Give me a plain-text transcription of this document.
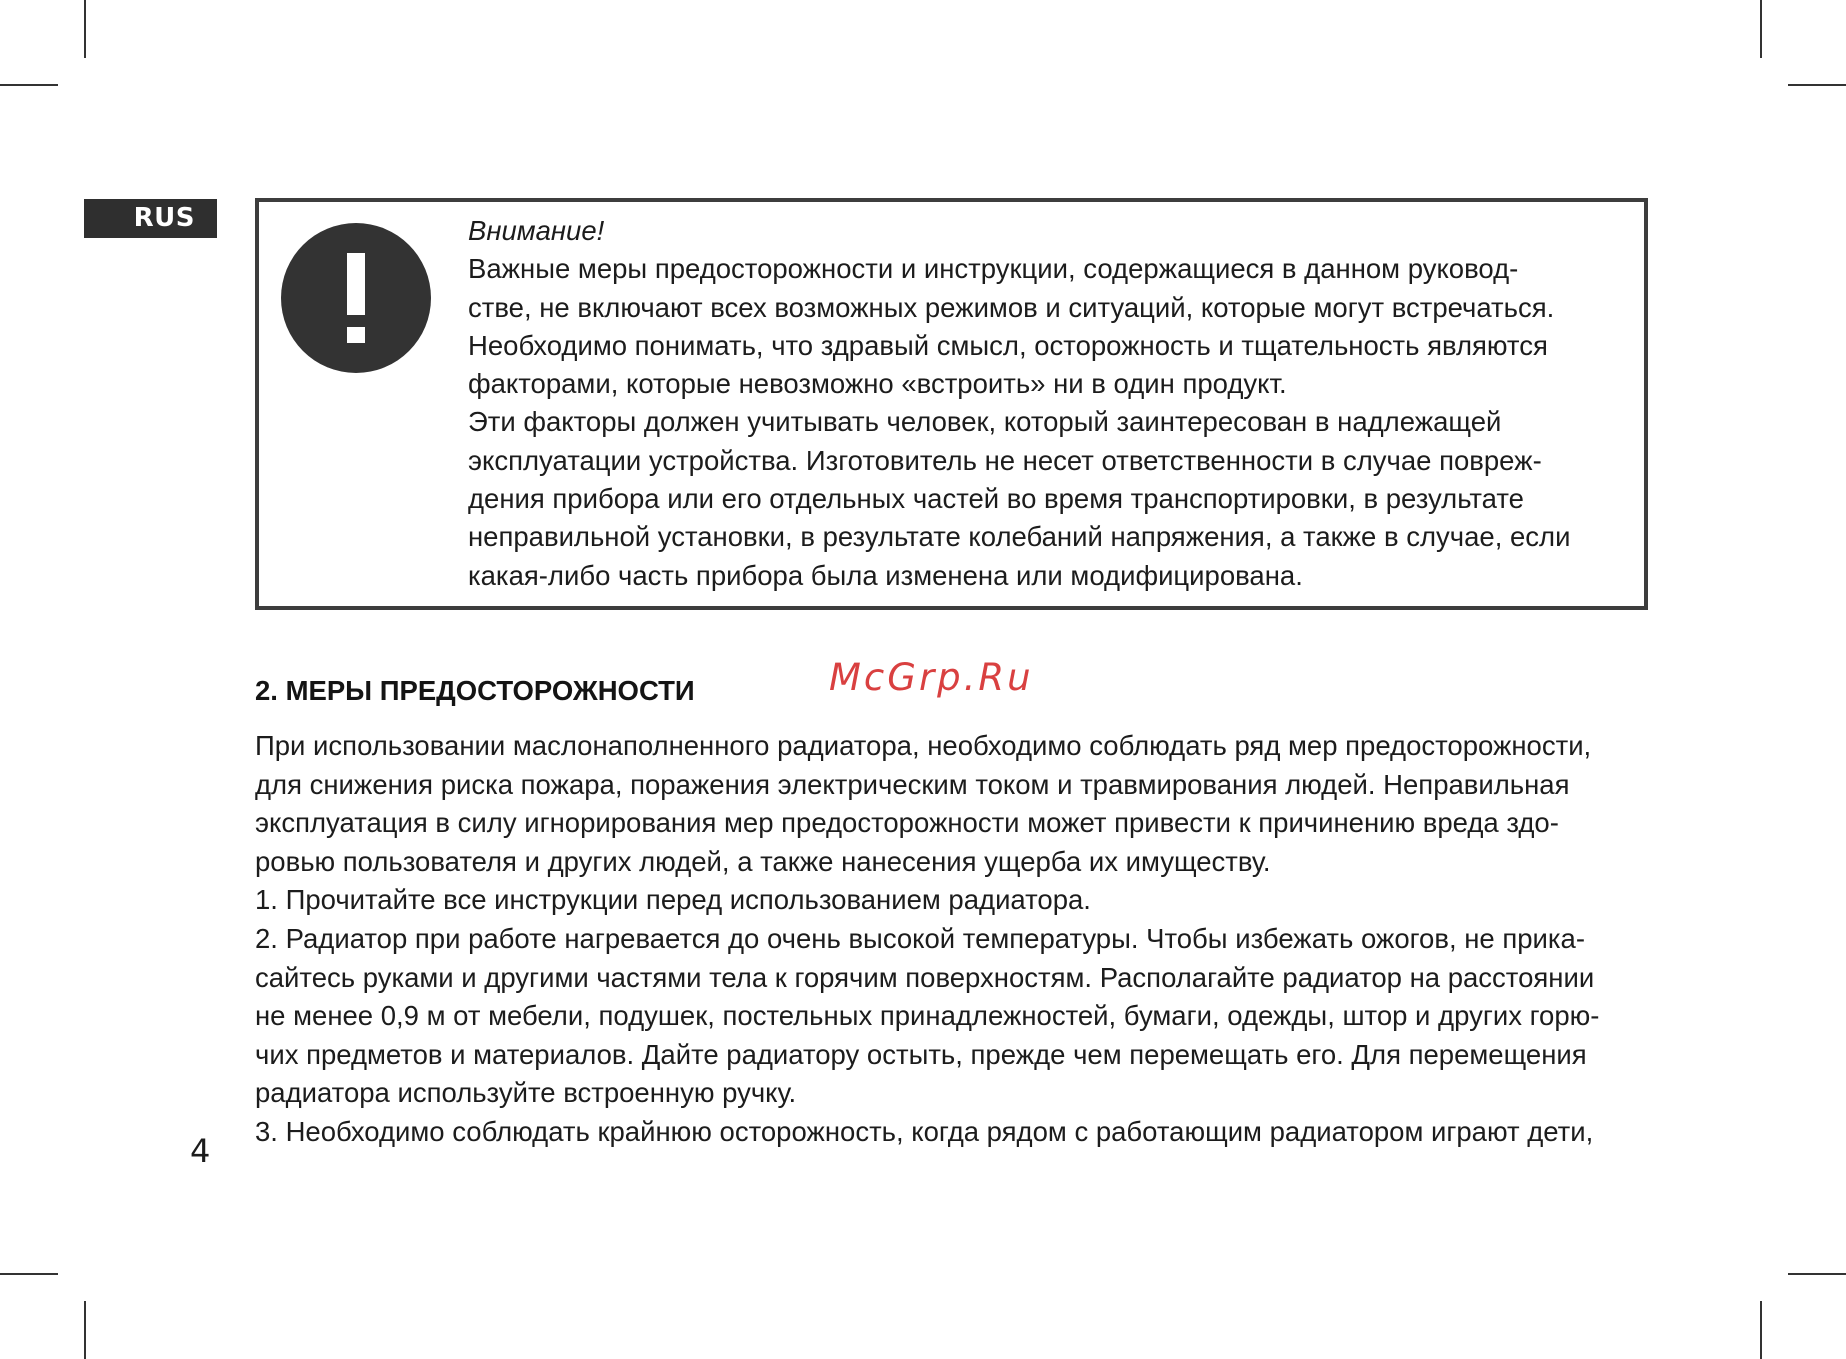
RUS	Внимание!
Важные меры предосторожности и инструкции, содержащиеся в данном руковод-
стве, не включают всех возможных режимов и ситуаций, которые могут встречаться.
Необходимо понимать, что здравый смысл, осторожность и тщательность являются
факторами, которые невозможно «встроить» ни в один продукт.
Эти факторы должен учитывать человек, который заинтересован в надлежащей
эксплуатации устройства. Изготовитель не несет ответственности в случае повреж-
дения прибора или его отдельных частей во время транспортировки, в результате
неправильной установки, в результате колебаний напряжения, а также в случае, если
какая-либо часть прибора была изменена или модифицирована.
2. МЕРЫ ПРЕДОСТОРОЖНОСТИ	McGrp.Ru
При использовании маслонаполненного радиатора, необходимо соблюдать ряд мер предосторожности,
для снижения риска пожара, поражения электрическим током и травмирования людей. Неправильная
эксплуатация в силу игнорирования мер предосторожности может привести к причинению вреда здо-
ровью пользователя и других людей, а также нанесения ущерба их имуществу.
1. Прочитайте все инструкции перед использованием радиатора.
2. Радиатор при работе нагревается до очень высокой температуры. Чтобы избежать ожогов, не прика-
сайтесь руками и другими частями тела к горячим поверхностям. Располагайте радиатор на расстоянии
не менее 0,9 м от мебели, подушек, постельных принадлежностей, бумаги, одежды, штор и других горю-
чих предметов и материалов. Дайте радиатору остыть, прежде чем перемещать его. Для перемещения
радиатора используйте встроенную ручку.
3. Необходимо соблюдать крайнюю осторожность, когда рядом с работающим радиатором играют дети,
4
